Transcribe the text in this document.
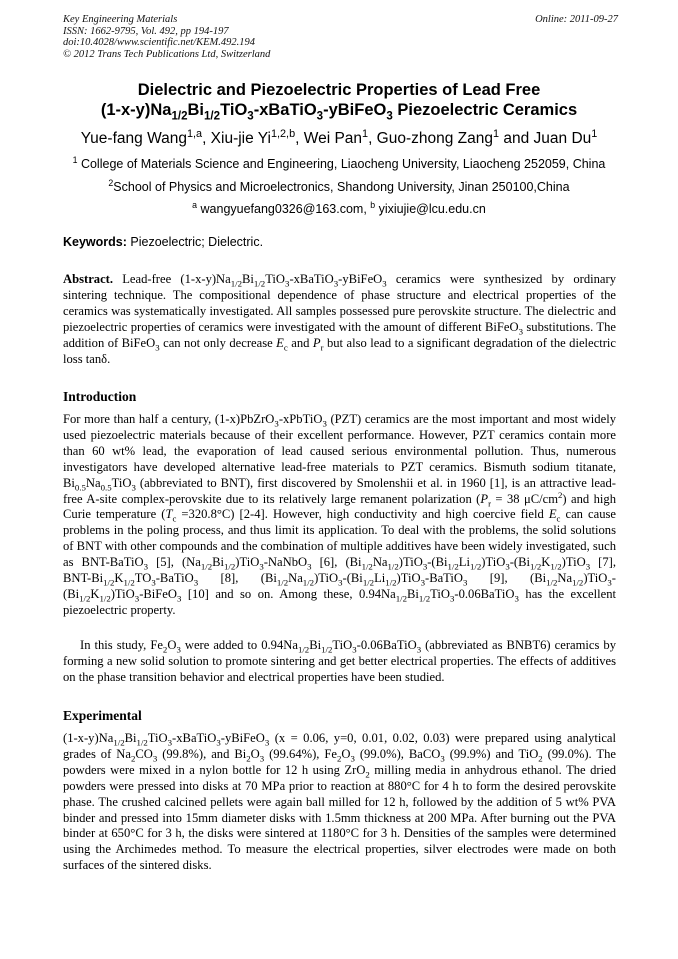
Key Engineering Materials
ISSN: 1662-9795, Vol. 492, pp 194-197
doi:10.4028/www.scientific.net/KEM.492.194
© 2012 Trans Tech Publications Ltd, Switzerland
Online: 2011-09-27
Dielectric and Piezoelectric Properties of Lead Free
$(1-x-y)Na_{1/2}Bi_{1/2}TiO_3-xBaTiO_3-yBiFeO_3$ Piezoelectric Ceramics
Yue-fang Wang$^{1,a}$, Xiu-jie Yi$^{1,2,b}$, Wei Pan$^1$, Guo-zhong Zang$^1$ and Juan Du$^1$
$^1$ College of Materials Science and Engineering, Liaocheng University, Liaocheng 252059, China
$^2$School of Physics and Microelectronics, Shandong University, Jinan 250100,China
$^a$ wangyuefang0326@163.com, $^b$ yixiujie@lcu.edu.cn
Keywords: Piezoelectric; Dielectric.
Abstract. Lead-free $(1-x-y)Na_{1/2}Bi_{1/2}TiO_3-xBaTiO_3-yBiFeO_3$ ceramics were synthesized by ordinary sintering technique. The compositional dependence of phase structure and electrical properties of the ceramics was systematically investigated. All samples possessed pure perovskite structure. The dielectric and piezoelectric properties of ceramics were investigated with the amount of different BiFeO$_3$ substitutions. The addition of BiFeO$_3$ can not only decrease $E_c$ and $P_r$ but also lead to a significant degradation of the dielectric loss tanδ.
Introduction
For more than half a century, (1-x)PbZrO$_3$-xPbTiO$_3$ (PZT) ceramics are the most important and most widely used piezoelectric materials because of their excellent performance. However, PZT ceramics contain more than 60 wt% lead, the evaporation of lead caused serious environmental pollution. Thus, numerous investigators have developed alternative lead-free materials to PZT ceramics. Bismuth sodium titanate, $Bi_{0.5}Na_{0.5}TiO_3$ (abbreviated to BNT), first discovered by Smolenshii et al. in 1960 [1], is an attractive lead-free A-site complex-perovskite due to its relatively large remanent polarization ($P_r = 38$ $\mu C/cm^2$) and high Curie temperature $(T_c =320.8^\circ C)$ [2-4]. However, high conductivity and high coercive field $E_c$ can cause problems in the poling process, and thus limit its application. To deal with the problems, the solid solutions of BNT with other compounds and the combination of multiple additives have been widely investigated, such as BNT-BaTiO$_3$ [5], $(Na_{1/2}Bi_{1/2})TiO_3-NaNbO_3$ [6], $(Bi_{1/2}Na_{1/2})TiO_3-(Bi_{1/2}Li_{1/2})TiO_3-(Bi_{1/2}K_{1/2})TiO_3$ [7], BNT-$Bi_{1/2}K_{1/2}TO_3-BaTiO_3$ [8], $(Bi_{1/2}Na_{1/2})TiO_3-(Bi_{1/2}Li_{1/2})TiO_3-BaTiO_3$ [9], $(Bi_{1/2}Na_{1/2})TiO_3-(Bi_{1/2}K_{1/2})TiO_3-BiFeO_3$ [10] and so on. Among these, $0.94Na_{1/2}Bi_{1/2}TiO_3-0.06BaTiO_3$ has the excellent piezoelectric property.
In this study, $Fe_2O_3$ were added to $0.94Na_{1/2}Bi_{1/2}TiO_3-0.06BaTiO_3$ (abbreviated as BNBT6) ceramics by forming a new solid solution to promote sintering and get better electrical properties. The effects of additives on the phase transition behavior and electrical properties have been studied.
Experimental
$(1-x-y)Na_{1/2}Bi_{1/2}TiO_3-xBaTiO_3-yBiFeO_3$ (x = 0.06, y=0, 0.01, 0.02, 0.03) were prepared using analytical grades of $Na_2CO_3$ (99.8%), and $Bi_2O_3$ (99.64%), $Fe_2O_3$ (99.0%), BaCO$_3$ (99.9%) and TiO$_2$ (99.0%). The powders were mixed in a nylon bottle for 12 h using ZrO$_2$ milling media in anhydrous ethanol. The dried powders were pressed into disks at 70 MPa prior to reaction at 880°C for 4 h to form the desired perovskite phase. The crushed calcined pellets were again ball milled for 12 h, followed by the addition of 5 wt% PVA binder and pressed into 15mm diameter disks with 1.5mm thickness at 200 MPa. After burning out the PVA binder at 650°C for 3 h, the disks were sintered at 1180°C for 3 h. Densities of the samples were determined using the Archimedes method. To measure the electrical properties, silver electrodes were made on both surfaces of the sintered disks.
